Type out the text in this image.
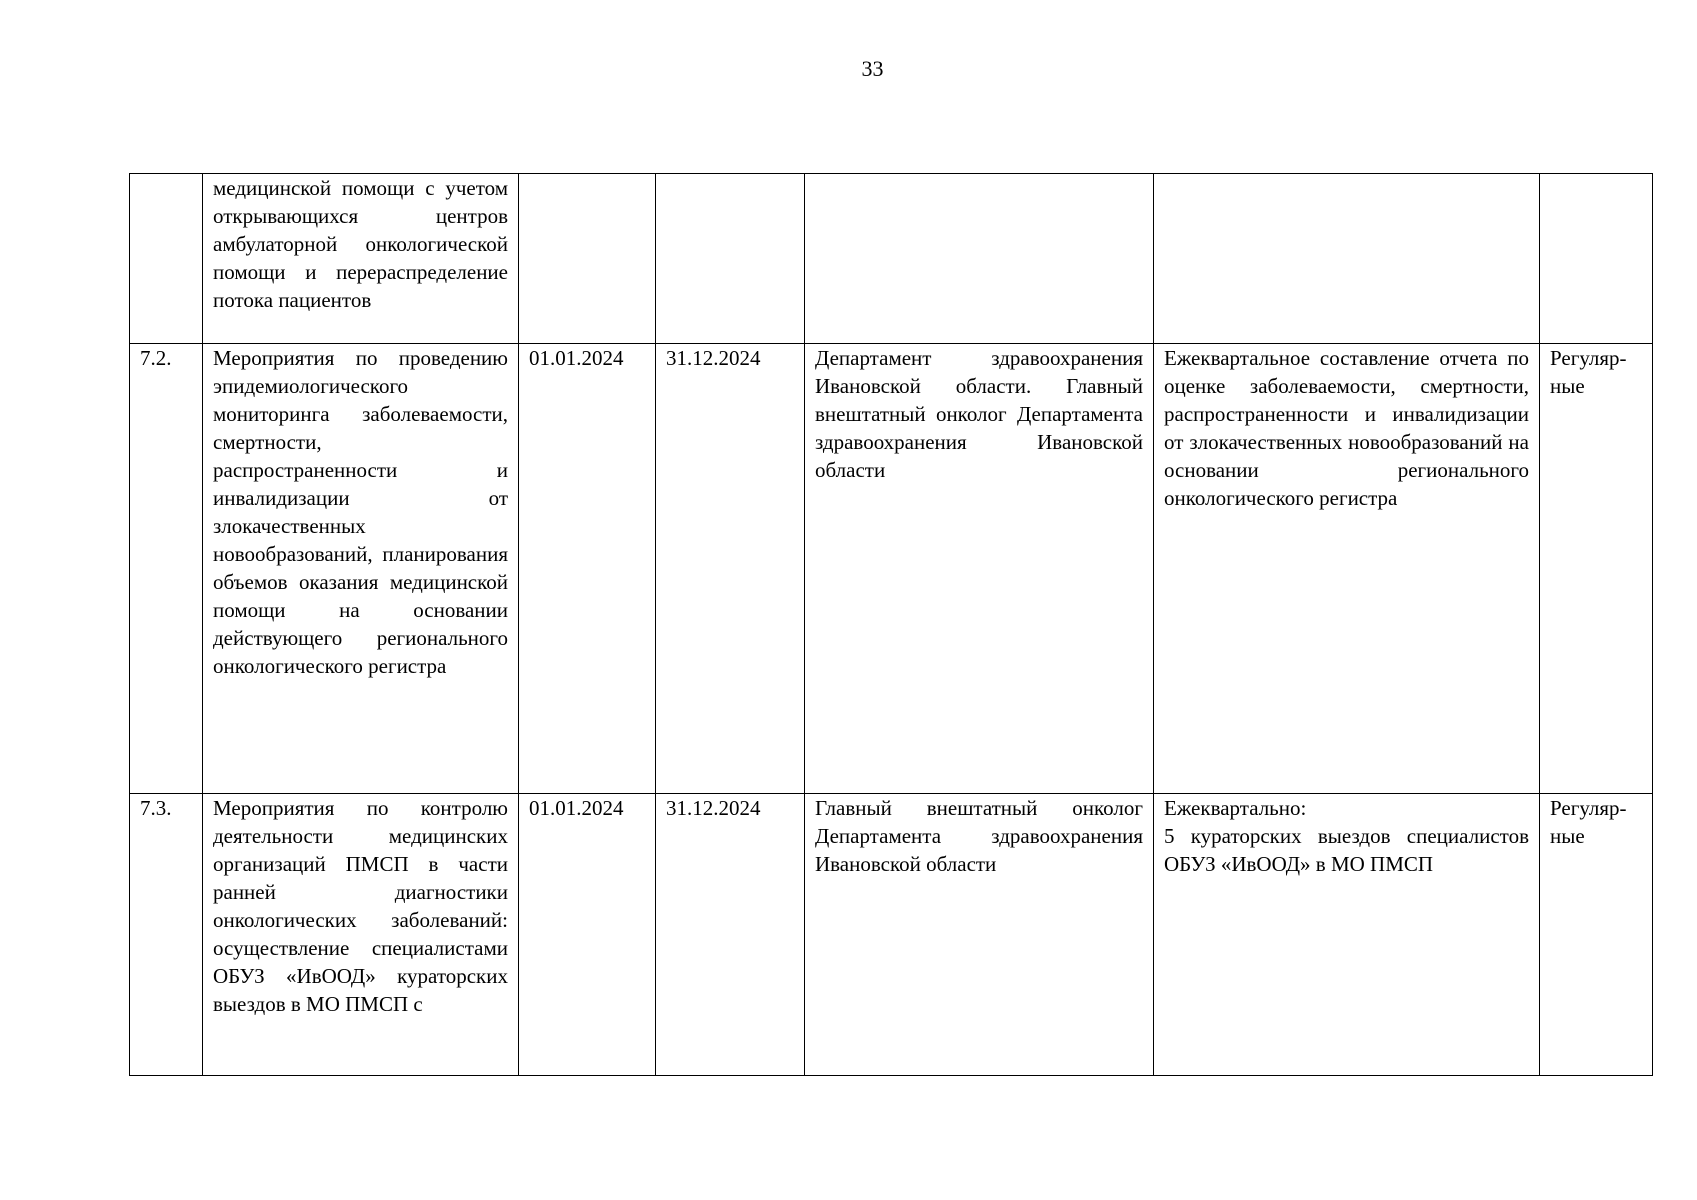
33
	медицинской помощи с учетом открывающихся центров амбулаторной онкологической помощи и перераспределение потока пациентов					
7.2.	Мероприятия по проведению эпидемиологического мониторинга заболеваемости, смертности, распространенности и инвалидизации от злокачественных новообразований, планирования объемов оказания медицинской помощи на основании действующего регионального онкологического регистра	01.01.2024	31.12.2024	Департамент здравоохранения Ивановской области. Главный внештатный онколог Департамента здравоохранения Ивановской области	Ежеквартальное составление отчета по оценке заболеваемости, смертности, распространенности и инвалидизации от злокачественных новообразований на основании регионального онкологического регистра	Регуляр-ные
7.3.	Мероприятия по контролю деятельности медицинских организаций ПМСП в части ранней диагностики онкологических заболеваний: осуществление специалистами ОБУЗ «ИвООД» кураторских выездов в МО ПМСП с	01.01.2024	31.12.2024	Главный внештатный онколог Департамента здравоохранения Ивановской области	Ежеквартально:
5 кураторских выездов специалистов ОБУЗ «ИвООД» в МО ПМСП	Регуляр-ные
